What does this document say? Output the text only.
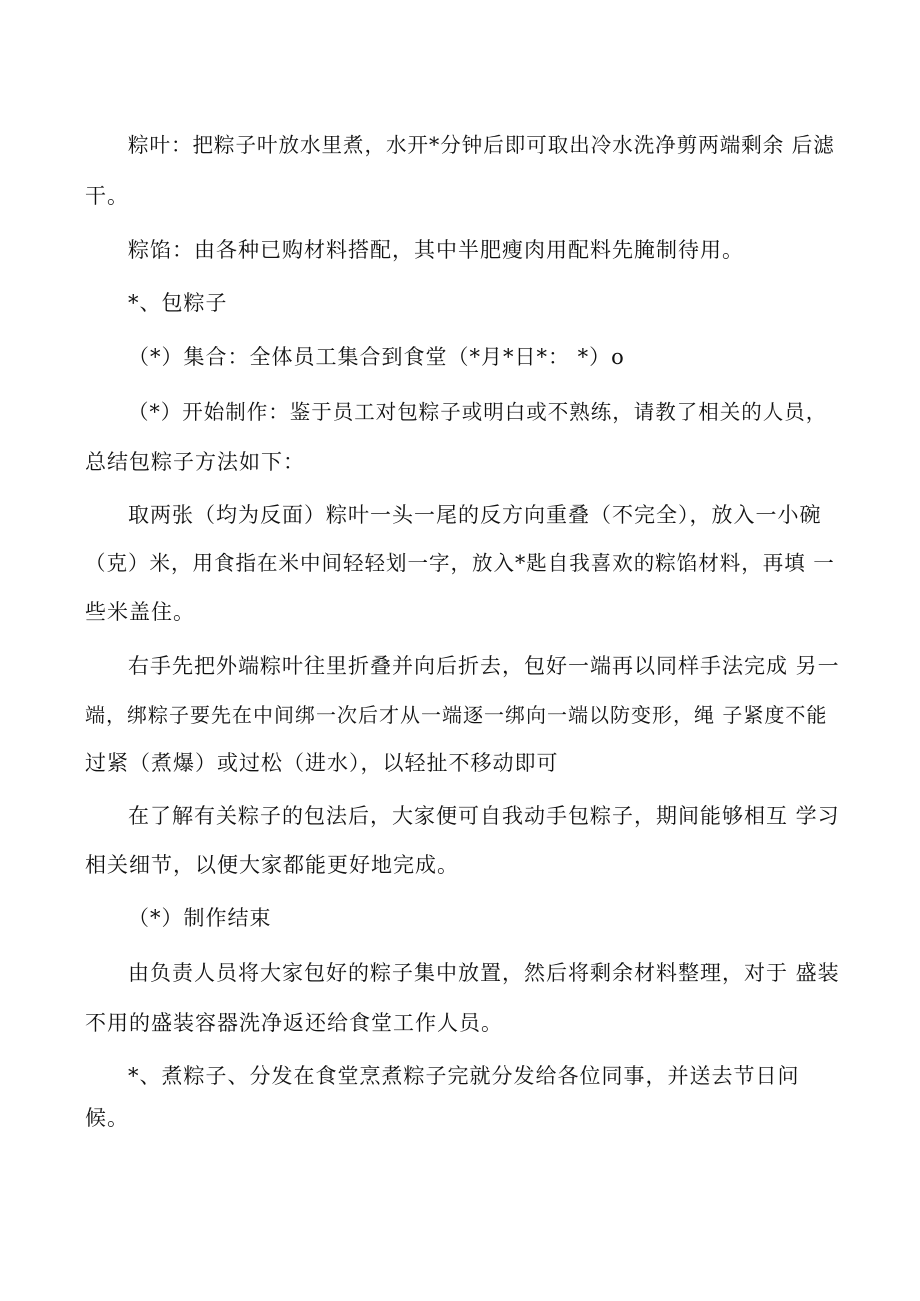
粽叶：把粽子叶放水里煮，水开*分钟后即可取出冷水洗净剪两端剩余 后滤
干。
粽馅：由各种已购材料搭配，其中半肥瘦肉用配料先腌制待用。
*、包粽子
（*）集合：全体员工集合到食堂（*月*日*： *）o
（*）开始制作：鉴于员工对包粽子或明白或不熟练，请教了相关的人员，
总结包粽子方法如下：
取两张（均为反面）粽叶一头一尾的反方向重叠（不完全），放入一小碗
（克）米，用食指在米中间轻轻划一字，放入*匙自我喜欢的粽馅材料，再填 一
些米盖住。
右手先把外端粽叶往里折叠并向后折去，包好一端再以同样手法完成 另一
端，绑粽子要先在中间绑一次后才从一端逐一绑向一端以防变形，绳 子紧度不能
过紧（煮爆）或过松（进水），以轻扯不移动即可
在了解有关粽子的包法后，大家便可自我动手包粽子，期间能够相互 学习
相关细节，以便大家都能更好地完成。
（*）制作结束
由负责人员将大家包好的粽子集中放置，然后将剩余材料整理，对于 盛装
不用的盛装容器洗净返还给食堂工作人员。
*、煮粽子、分发在食堂烹煮粽子完就分发给各位同事，并送去节日问
候。
